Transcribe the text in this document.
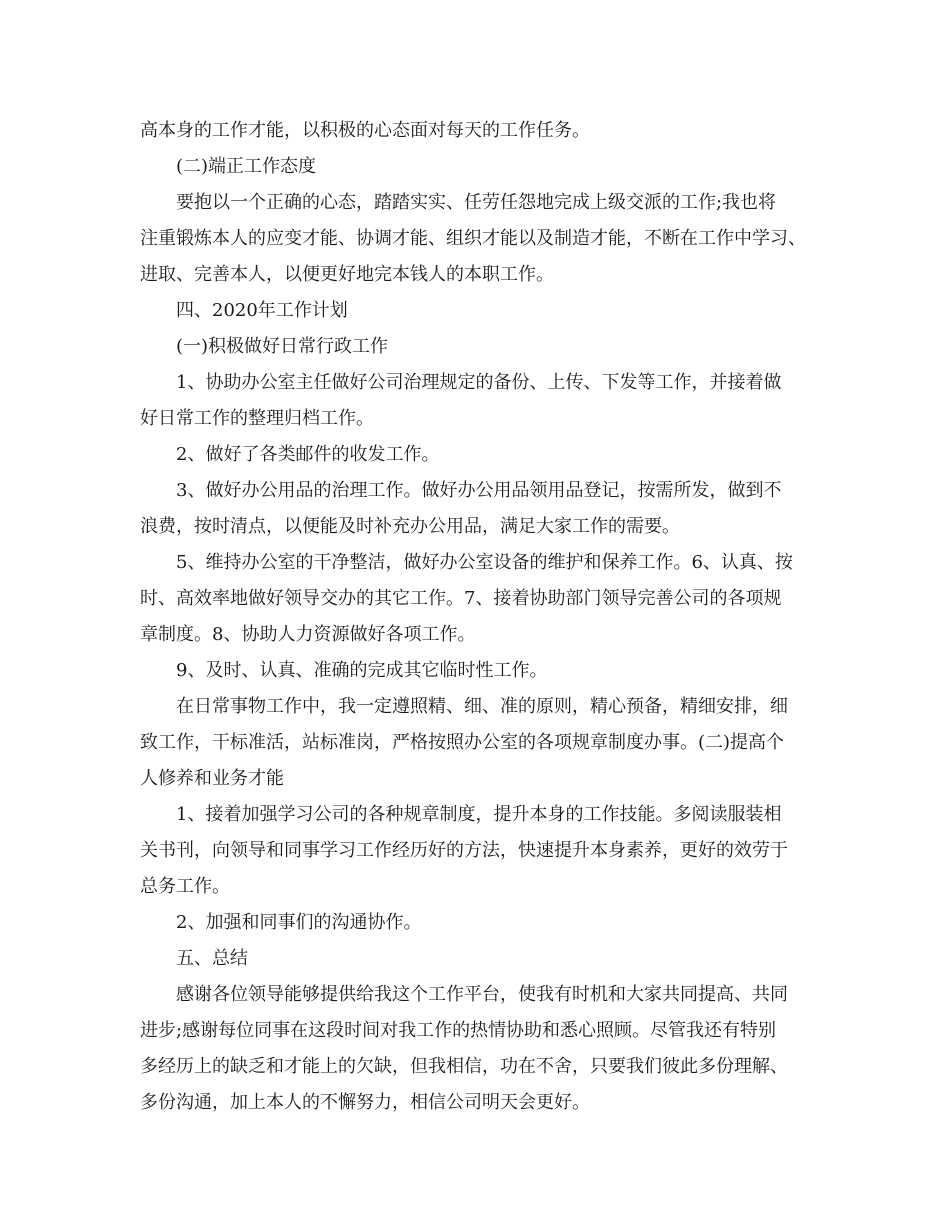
高本身的工作才能，以积极的心态面对每天的工作任务。
(二)端正工作态度
要抱以一个正确的心态，踏踏实实、任劳任怨地完成上级交派的工作;我也将
注重锻炼本人的应变才能、协调才能、组织才能以及制造才能，不断在工作中学习、
进取、完善本人，以便更好地完本钱人的本职工作。
四、2020年工作计划
(一)积极做好日常行政工作
1、协助办公室主任做好公司治理规定的备份、上传、下发等工作，并接着做
好日常工作的整理归档工作。
2、做好了各类邮件的收发工作。
3、做好办公用品的治理工作。做好办公用品领用品登记，按需所发，做到不
浪费，按时清点，以便能及时补充办公用品，满足大家工作的需要。
5、维持办公室的干净整洁，做好办公室设备的维护和保养工作。6、认真、按
时、高效率地做好领导交办的其它工作。7、接着协助部门领导完善公司的各项规
章制度。8、协助人力资源做好各项工作。
9、及时、认真、准确的完成其它临时性工作。
在日常事物工作中，我一定遵照精、细、准的原则，精心预备，精细安排，细
致工作，干标准活，站标准岗，严格按照办公室的各项规章制度办事。(二)提高个
人修养和业务才能
1、接着加强学习公司的各种规章制度，提升本身的工作技能。多阅读服装相
关书刊，向领导和同事学习工作经历好的方法，快速提升本身素养，更好的效劳于
总务工作。
2、加强和同事们的沟通协作。
五、总结
感谢各位领导能够提供给我这个工作平台，使我有时机和大家共同提高、共同
进步;感谢每位同事在这段时间对我工作的热情协助和悉心照顾。尽管我还有特别
多经历上的缺乏和才能上的欠缺，但我相信，功在不舍，只要我们彼此多份理解、
多份沟通，加上本人的不懈努力，相信公司明天会更好。
